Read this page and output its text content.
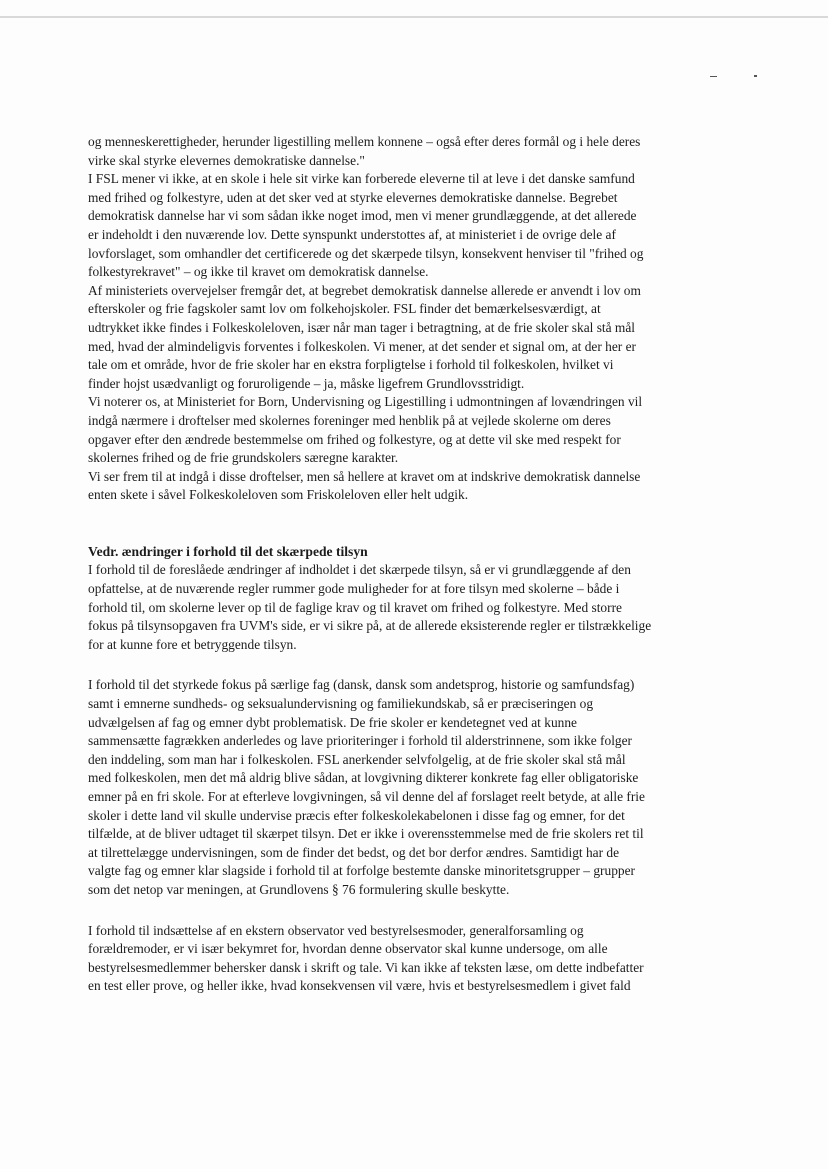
og menneskerettigheder, herunder ligestilling mellem konnene – også efter deres formål og i hele deres
virke skal styrke elevernes demokratiske dannelse."
I FSL mener vi ikke, at en skole i hele sit virke kan forberede eleverne til at leve i det danske samfund
med frihed og folkestyre, uden at det sker ved at styrke elevernes demokratiske dannelse. Begrebet
demokratisk dannelse har vi som sådan ikke noget imod, men vi mener grundlæggende, at det allerede
er indeholdt i den nuværende lov. Dette synspunkt understottes af, at ministeriet i de ovrige dele af
lovforslaget, som omhandler det certificerede og det skærpede tilsyn, konsekvent henviser til "frihed og
folkestyrekravet" – og ikke til kravet om demokratisk dannelse.
Af ministeriets overvejelser fremgår det, at begrebet demokratisk dannelse allerede er anvendt i lov om
efterskoler og frie fagskoler samt lov om folkehojskoler. FSL finder det bemærkelsesværdigt, at
udtrykket ikke findes i Folkeskoleloven, især når man tager i betragtning, at de frie skoler skal stå mål
med, hvad der almindeligvis forventes i folkeskolen. Vi mener, at det sender et signal om, at der her er
tale om et område, hvor de frie skoler har en ekstra forpligtelse i forhold til folkeskolen, hvilket vi
finder hojst usædvanligt og foruroligende – ja, måske ligefrem Grundlovsstridigt.
Vi noterer os, at Ministeriet for Born, Undervisning og Ligestilling i udmontningen af lovændringen vil
indgå nærmere i droftelser med skolernes foreninger med henblik på at vejlede skolerne om deres
opgaver efter den ændrede bestemmelse om frihed og folkestyre, og at dette vil ske med respekt for
skolernes frihed og de frie grundskolers særegne karakter.
Vi ser frem til at indgå i disse droftelser, men så hellere at kravet om at indskrive demokratisk dannelse
enten skete i såvel Folkeskoleloven som Friskoleloven eller helt udgik.

Vedr. ændringer i forhold til det skærpede tilsyn

I forhold til de foreslåede ændringer af indholdet i det skærpede tilsyn, så er vi grundlæggende af den
opfattelse, at de nuværende regler rummer gode muligheder for at fore tilsyn med skolerne – både i
forhold til, om skolerne lever op til de faglige krav og til kravet om frihed og folkestyre. Med storre
fokus på tilsynsopgaven fra UVM's side, er vi sikre på, at de allerede eksisterende regler er tilstrækkelige
for at kunne fore et betryggende tilsyn.

I forhold til det styrkede fokus på særlige fag (dansk, dansk som andetsprog, historie og samfundsfag)
samt i emnerne sundheds- og seksualundervisning og familiekundskab, så er præciseringen og
udvælgelsen af fag og emner dybt problematisk. De frie skoler er kendetegnet ved at kunne
sammensætte fagrækken anderledes og lave prioriteringer i forhold til alderstrinnene, som ikke folger
den inddeling, som man har i folkeskolen. FSL anerkender selvfolgelig, at de frie skoler skal stå mål
med folkeskolen, men det må aldrig blive sådan, at lovgivning dikterer konkrete fag eller obligatoriske
emner på en fri skole. For at efterleve lovgivningen, så vil denne del af forslaget reelt betyde, at alle frie
skoler i dette land vil skulle undervise præcis efter folkeskolekabelonen i disse fag og emner, for det
tilfælde, at de bliver udtaget til skærpet tilsyn. Det er ikke i overensstemmelse med de frie skolers ret til
at tilrettelægge undervisningen, som de finder det bedst, og det bor derfor ændres. Samtidigt har de
valgte fag og emner klar slagside i forhold til at forfolge bestemte danske minoritetsgrupper – grupper
som det netop var meningen, at Grundlovens § 76 formulering skulle beskytte.

I forhold til indsættelse af en ekstern observator ved bestyrelsesmoder, generalforsamling og
forældremoder, er vi især bekymret for, hvordan denne observator skal kunne undersoge, om alle
bestyrelsesmedlemmer behersker dansk i skrift og tale. Vi kan ikke af teksten læse, om dette indbefatter
en test eller prove, og heller ikke, hvad konsekvensen vil være, hvis et bestyrelsesmedlem i givet fald
